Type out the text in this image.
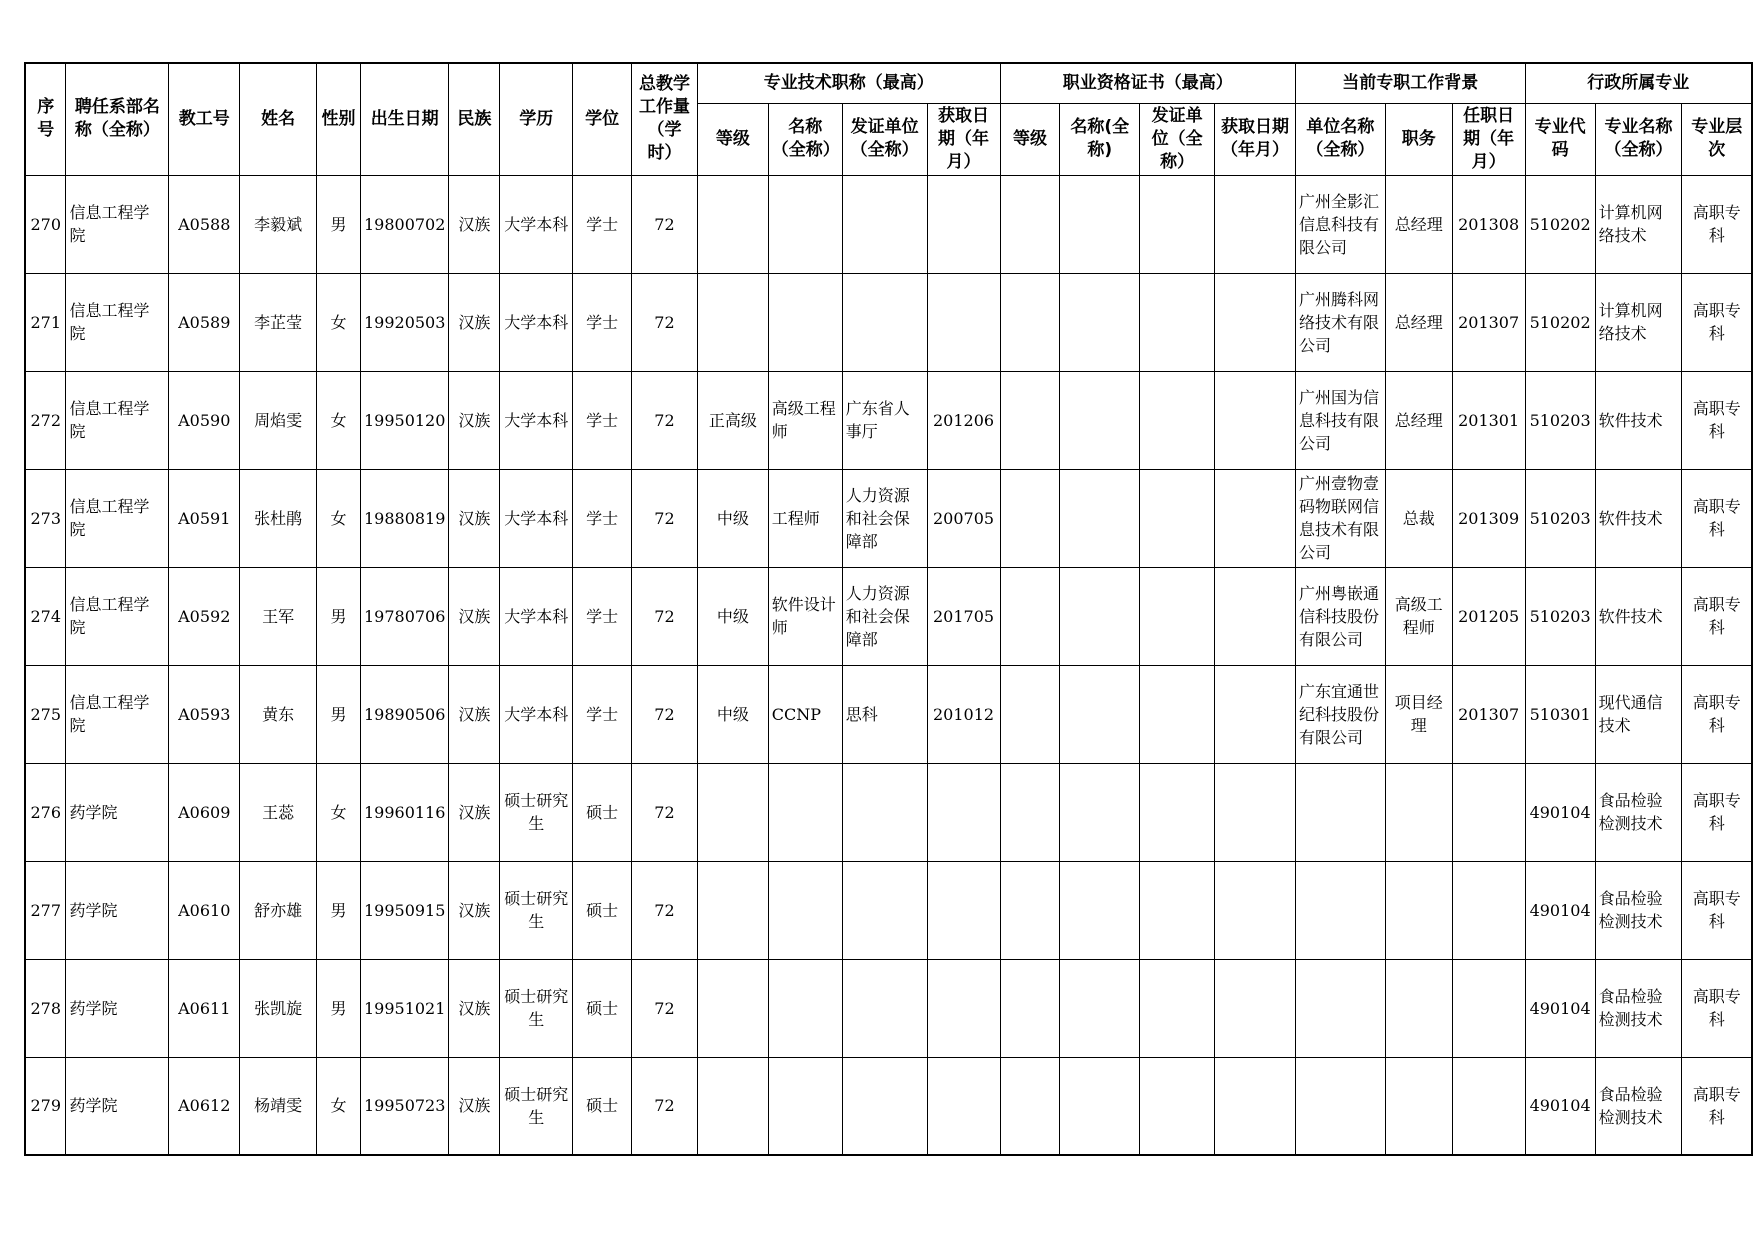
序号	聘任系部名称（全称）	教工号	姓名	性别	出生日期	民族	学历	学位	总教学工作量（学时）	专业技术职称（最高）				职业资格证书（最高）				当前专职工作背景			行政所属专业		
										等级	名称（全称）	发证单位（全称）	获取日期（年月）	等级	名称(全称)	发证单位（全称）	获取日期（年月）	单位名称（全称）	职务	任职日期（年月）	专业代码	专业名称（全称）	专业层次
270	信息工程学院	A0588	李毅斌	男	19800702	汉族	大学本科	学士	72									广州全影汇信息科技有限公司	总经理	201308	510202	计算机网络技术	高职专科
271	信息工程学院	A0589	李芷莹	女	19920503	汉族	大学本科	学士	72									广州腾科网络技术有限公司	总经理	201307	510202	计算机网络技术	高职专科
272	信息工程学院	A0590	周焰雯	女	19950120	汉族	大学本科	学士	72	正高级	高级工程师	广东省人事厅	201206					广州国为信息科技有限公司	总经理	201301	510203	软件技术	高职专科
273	信息工程学院	A0591	张杜鹃	女	19880819	汉族	大学本科	学士	72	中级	工程师	人力资源和社会保障部	200705					广州壹物壹码物联网信息技术有限公司	总裁	201309	510203	软件技术	高职专科
274	信息工程学院	A0592	王军	男	19780706	汉族	大学本科	学士	72	中级	软件设计师	人力资源和社会保障部	201705					广州粤嵌通信科技股份有限公司	高级工程师	201205	510203	软件技术	高职专科
275	信息工程学院	A0593	黄东	男	19890506	汉族	大学本科	学士	72	中级	CCNP	思科	201012					广东宜通世纪科技股份有限公司	项目经理	201307	510301	现代通信技术	高职专科
276	药学院	A0609	王蕊	女	19960116	汉族	硕士研究生	硕士	72												490104	食品检验检测技术	高职专科
277	药学院	A0610	舒亦雄	男	19950915	汉族	硕士研究生	硕士	72												490104	食品检验检测技术	高职专科
278	药学院	A0611	张凯旋	男	19951021	汉族	硕士研究生	硕士	72												490104	食品检验检测技术	高职专科
279	药学院	A0612	杨靖雯	女	19950723	汉族	硕士研究生	硕士	72												490104	食品检验检测技术	高职专科
